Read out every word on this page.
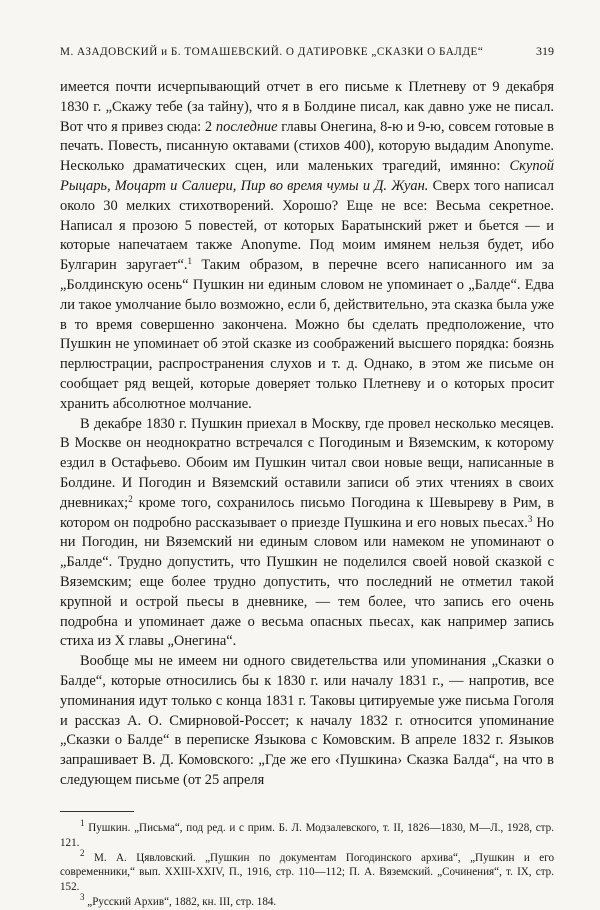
М. АЗАДОВСКИЙ и Б. ТОМАШЕВСКИЙ. О ДАТИРОВКЕ „СКАЗКИ О БАЛДЕ“	319

имеется почти исчерпывающий отчет в его письме к Плетневу от 9 декабря 1830 г. „Скажу тебе (за тайну), что я в Болдине писал, как давно уже не писал. Вот что я привез сюда: 2 последние главы Онегина, 8-ю и 9-ю, совсем готовые в печать. Повесть, писанную октавами (стихов 400), которую выдадим Anonyme. Несколько драматических сцен, или маленьких трагедий, имянно: Скупой Рыцарь, Моцарт и Салиери, Пир во время чумы и Д. Жуан. Сверх того написал около 30 мелких стихотворений. Хорошо? Еще не все: Весьма секретное. Написал я прозою 5 повестей, от которых Баратынский ржет и бьется — и которые напечатаем также Anonyme. Под моим имянем нельзя будет, ибо Булгарин заругает“.$^1$ Таким образом, в перечне всего написанного им за „Болдинскую осень“ Пушкин ни единым словом не упоминает о „Балде“. Едва ли такое умолчание было возможно, если б, действительно, эта сказка была уже в то время совершенно закончена. Можно бы сделать предположение, что Пушкин не упоминает об этой сказке из соображений высшего порядка: боязнь перлюстрации, распространения слухов и т. д. Однако, в этом же письме он сообщает ряд вещей, которые доверяет только Плетневу и о которых просит хранить абсолютное молчание.

В декабре 1830 г. Пушкин приехал в Москву, где провел несколько месяцев. В Москве он неоднократно встречался с Погодиным и Вяземским, к которому ездил в Остафьево. Обоим им Пушкин читал свои новые вещи, написанные в Болдине. И Погодин и Вяземский оставили записи об этих чтениях в своих дневниках;$^2$ кроме того, сохранилось письмо Погодина к Шевыреву в Рим, в котором он подробно рассказывает о приезде Пушкина и его новых пьесах.$^3$ Но ни Погодин, ни Вяземский ни единым словом или намеком не упоминают о „Балде“. Трудно допустить, что Пушкин не поделился своей новой сказкой с Вяземским; еще более трудно допустить, что последний не отметил такой крупной и острой пьесы в дневнике, — тем более, что запись его очень подробна и упоминает даже о весьма опасных пьесах, как например запись стиха из X главы „Онегина“.

Вообще мы не имеем ни одного свидетельства или упоминания „Сказки о Балде“, которые относились бы к 1830 г. или началу 1831 г., — напротив, все упоминания идут только с конца 1831 г. Таковы цитируемые уже письма Гоголя и рассказ А. О. Смирновой-Россет; к началу 1832 г. относится упоминание „Сказки о Балде“ в переписке Языкова с Комовским. В апреле 1832 г. Языков запрашивает В. Д. Комовского: „Где же его ‹Пушкина› Сказка Балда“, на что в следующем письме (от 25 апреля

$^1$ Пушкин. „Письма“, под ред. и с прим. Б. Л. Модзалевского, т. II, 1826—1830, М—Л., 1928, стр. 121.

$^2$ М. А. Цявловский. „Пушкин по документам Погодинского архива“, „Пушкин и его современники,“ вып. XXIII-XXIV, П., 1916, стр. 110—112; П. А. Вяземский. „Сочинения“, т. IX, стр. 152.

$^3$ „Русский Архив“, 1882, кн. III, стр. 184.
